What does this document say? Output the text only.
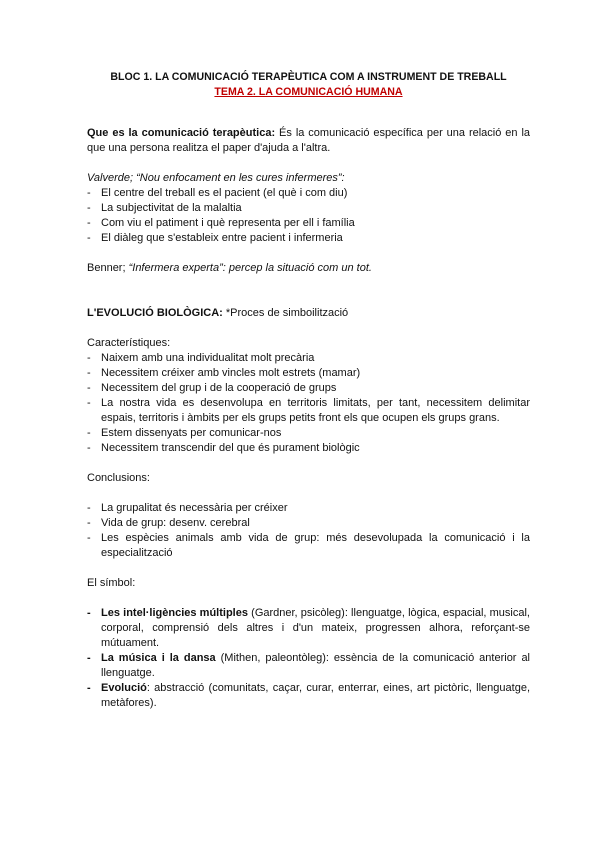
BLOC 1. LA COMUNICACIÓ TERAPÈUTICA COM A INSTRUMENT DE TREBALL

TEMA 2. LA COMUNICACIÓ HUMANA

Que es la comunicació terapèutica: És la comunicació específica per una relació en la que una persona realitza el paper d'ajuda a l'altra.

Valverde; “Nou enfocament en les cures infermeres”:

- El centre del treball es el pacient (el què i com diu)
- La subjectivitat de la malaltia
- Com viu el patiment i què representa per ell i família
- El diàleg que s'estableix entre pacient i infermeria

Benner; “Infermera experta”: percep la situació com un tot.

L'EVOLUCIÓ BIOLÒGICA: *Proces de simboilització

Característiques:

- Naixem amb una individualitat molt precària
- Necessitem créixer amb vincles molt estrets (mamar)
- Necessitem del grup i de la cooperació de grups
- La nostra vida es desenvolupa en territoris limitats, per tant, necessitem delimitar espais, territoris i àmbits per els grups petits front els que ocupen els grups grans.
- Estem dissenyats per comunicar-nos
- Necessitem transcendir del que és purament biològic

Conclusions:

- La grupalitat és necessària per créixer
- Vida de grup: desenv. cerebral
- Les espècies animals amb vida de grup: més desevolupada la comunicació i la especialització

El símbol:

- Les intel·ligències múltiples (Gardner, psicòleg): llenguatge, lògica, espacial, musical, corporal, comprensió dels altres i d'un mateix, progressen alhora, reforçant-se mútuament.
- La música i la dansa (Mithen, paleontòleg): essència de la comunicació anterior al llenguatge.
- Evolució: abstracció (comunitats, caçar, curar, enterrar, eines, art pictòric, llenguatge, metàfores).
